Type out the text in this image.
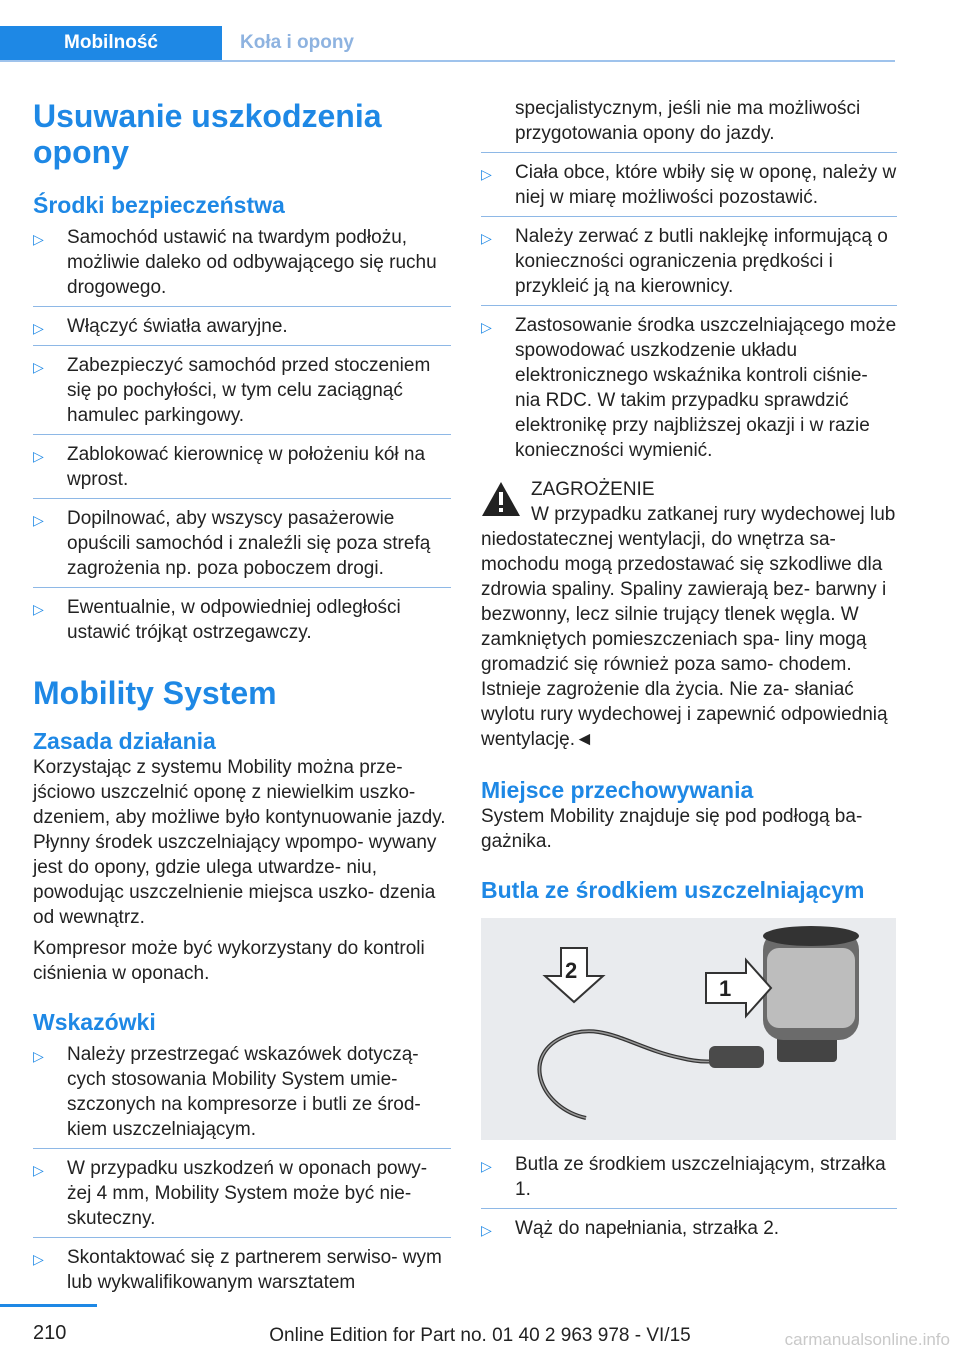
Mobilność	Koła i opony
Usuwanie uszkodzenia opony
Środki bezpieczeństwa
▷ Samochód ustawić na twardym podłożu, możliwie daleko od odbywającego się ruchu drogowego.
▷ Włączyć światła awaryjne.
▷ Zabezpieczyć samochód przed stoczeniem się po pochyłości, w tym celu zaciągnąć hamulec parkingowy.
▷ Zablokować kierownicę w położeniu kół na wprost.
▷ Dopilnować, aby wszyscy pasażerowie opuścili samochód i znaleźli się poza strefą zagrożenia np. poza poboczem drogi.
▷ Ewentualnie, w odpowiedniej odległości ustawić trójkąt ostrzegawczy.
Mobility System
Zasada działania

Korzystając z systemu Mobility można prze‐ jściowo uszczelnić oponę z niewielkim uszko‐ dzeniem, aby możliwe było kontynuowanie jazdy. Płynny środek uszczelniający wpompo‐ wywany jest do opony, gdzie ulega utwardze‐ niu, powodując uszczelnienie miejsca uszko‐ dzenia od wewnątrz.

Kompresor może być wykorzystany do kontroli ciśnienia w oponach.

Wskazówki
▷ Należy przestrzegać wskazówek dotyczą‐ cych stosowania Mobility System umie‐ szczonych na kompresorze i butli ze środ‐ kiem uszczelniającym.
▷ W przypadku uszkodzeń w oponach powy‐ żej 4 mm, Mobility System może być nie‐ skuteczny.
▷ Skontaktować się z partnerem serwiso‐ wym lub wykwalifikowanym warsztatem

specjalistycznym, jeśli nie ma możliwości przygotowania opony do jazdy.

▷ Ciała obce, które wbiły się w oponę, należy w niej w miarę możliwości pozostawić.
▷ Należy zerwać z butli naklejkę informującą o konieczności ograniczenia prędkości i przykleić ją na kierownicy.
▷ Zastosowanie środka uszczelniającego może spowodować uszkodzenie układu elektronicznego wskaźnika kontroli ciśnie‐ nia RDC. W takim przypadku sprawdzić elektronikę przy najbliższej okazji i w razie konieczności wymienić.

ZAGROŻENIE

W przypadku zatkanej rury wydechowej lub niedostatecznej wentylacji, do wnętrza sa‐ mochodu mogą przedostawać się szkodliwe dla zdrowia spaliny. Spaliny zawierają bez‐ barwny i bezwonny, lecz silnie trujący tlenek węgla. W zamkniętych pomieszczeniach spa‐ liny mogą gromadzić się również poza samo‐ chodem. Istnieje zagrożenie dla życia. Nie za‐ słaniać wylotu rury wydechowej i zapewnić odpowiednią wentylację.◄

Miejsce przechowywania

System Mobility znajduje się pod podłogą ba‐ gażnika.

Butla ze środkiem uszczelniającym
2
1
▷ Butla ze środkiem uszczelniającym, strzałka 1.
▷ Wąż do napełniania, strzałka 2.
210	Online Edition for Part no. 01 40 2 963 978 - VI/15	carmanualsonline.info
